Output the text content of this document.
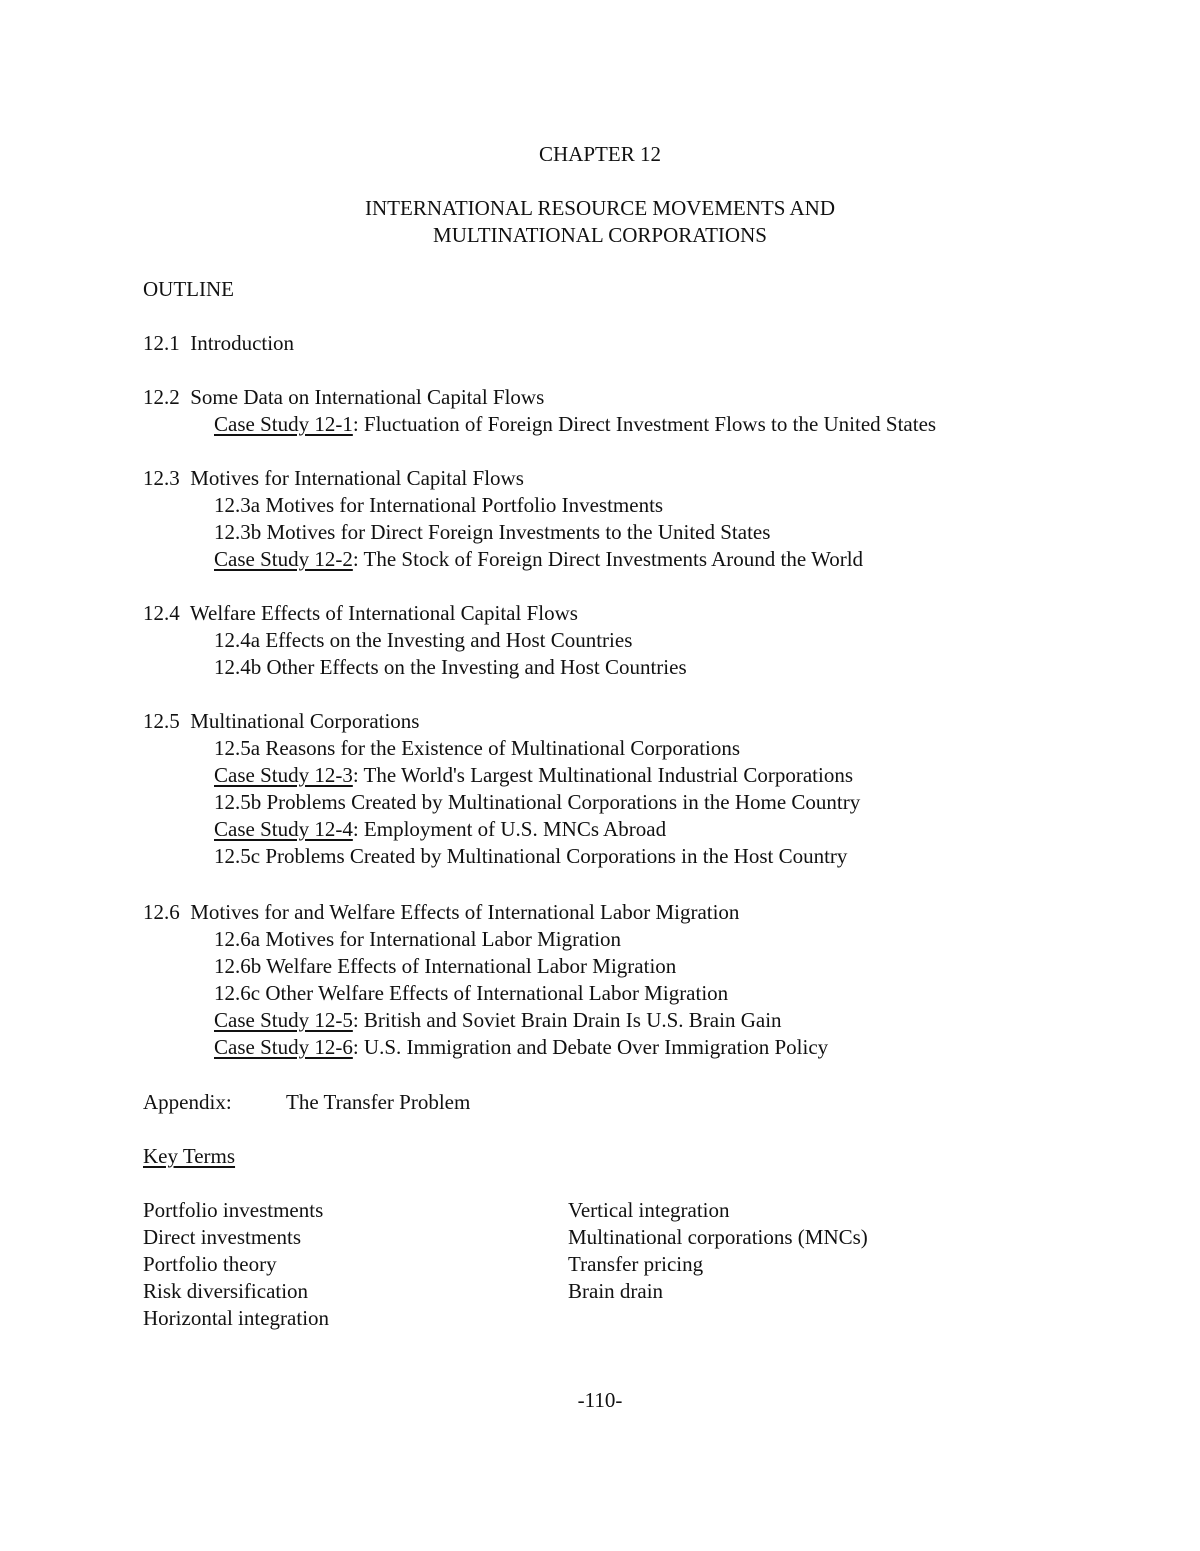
CHAPTER 12
INTERNATIONAL RESOURCE MOVEMENTS AND
MULTINATIONAL CORPORATIONS
OUTLINE
12.1 Introduction
12.2 Some Data on International Capital Flows
Case Study 12-1: Fluctuation of Foreign Direct Investment Flows to the United States
12.3 Motives for International Capital Flows
12.3a Motives for International Portfolio Investments
12.3b Motives for Direct Foreign Investments to the United States
Case Study 12-2: The Stock of Foreign Direct Investments Around the World
12.4 Welfare Effects of International Capital Flows
12.4a Effects on the Investing and Host Countries
12.4b Other Effects on the Investing and Host Countries
12.5 Multinational Corporations
12.5a Reasons for the Existence of Multinational Corporations
Case Study 12-3: The World's Largest Multinational Industrial Corporations
12.5b Problems Created by Multinational Corporations in the Home Country
Case Study 12-4: Employment of U.S. MNCs Abroad
12.5c Problems Created by Multinational Corporations in the Host Country
12.6 Motives for and Welfare Effects of International Labor Migration
12.6a Motives for International Labor Migration
12.6b Welfare Effects of International Labor Migration
12.6c Other Welfare Effects of International Labor Migration
Case Study 12-5: British and Soviet Brain Drain Is U.S. Brain Gain
Case Study 12-6: U.S. Immigration and Debate Over Immigration Policy
Appendix:	The Transfer Problem
Key Terms
Portfolio investments
Direct investments
Portfolio theory
Risk diversification
Horizontal integration
Vertical integration
Multinational corporations (MNCs)
Transfer pricing
Brain drain
-110-
